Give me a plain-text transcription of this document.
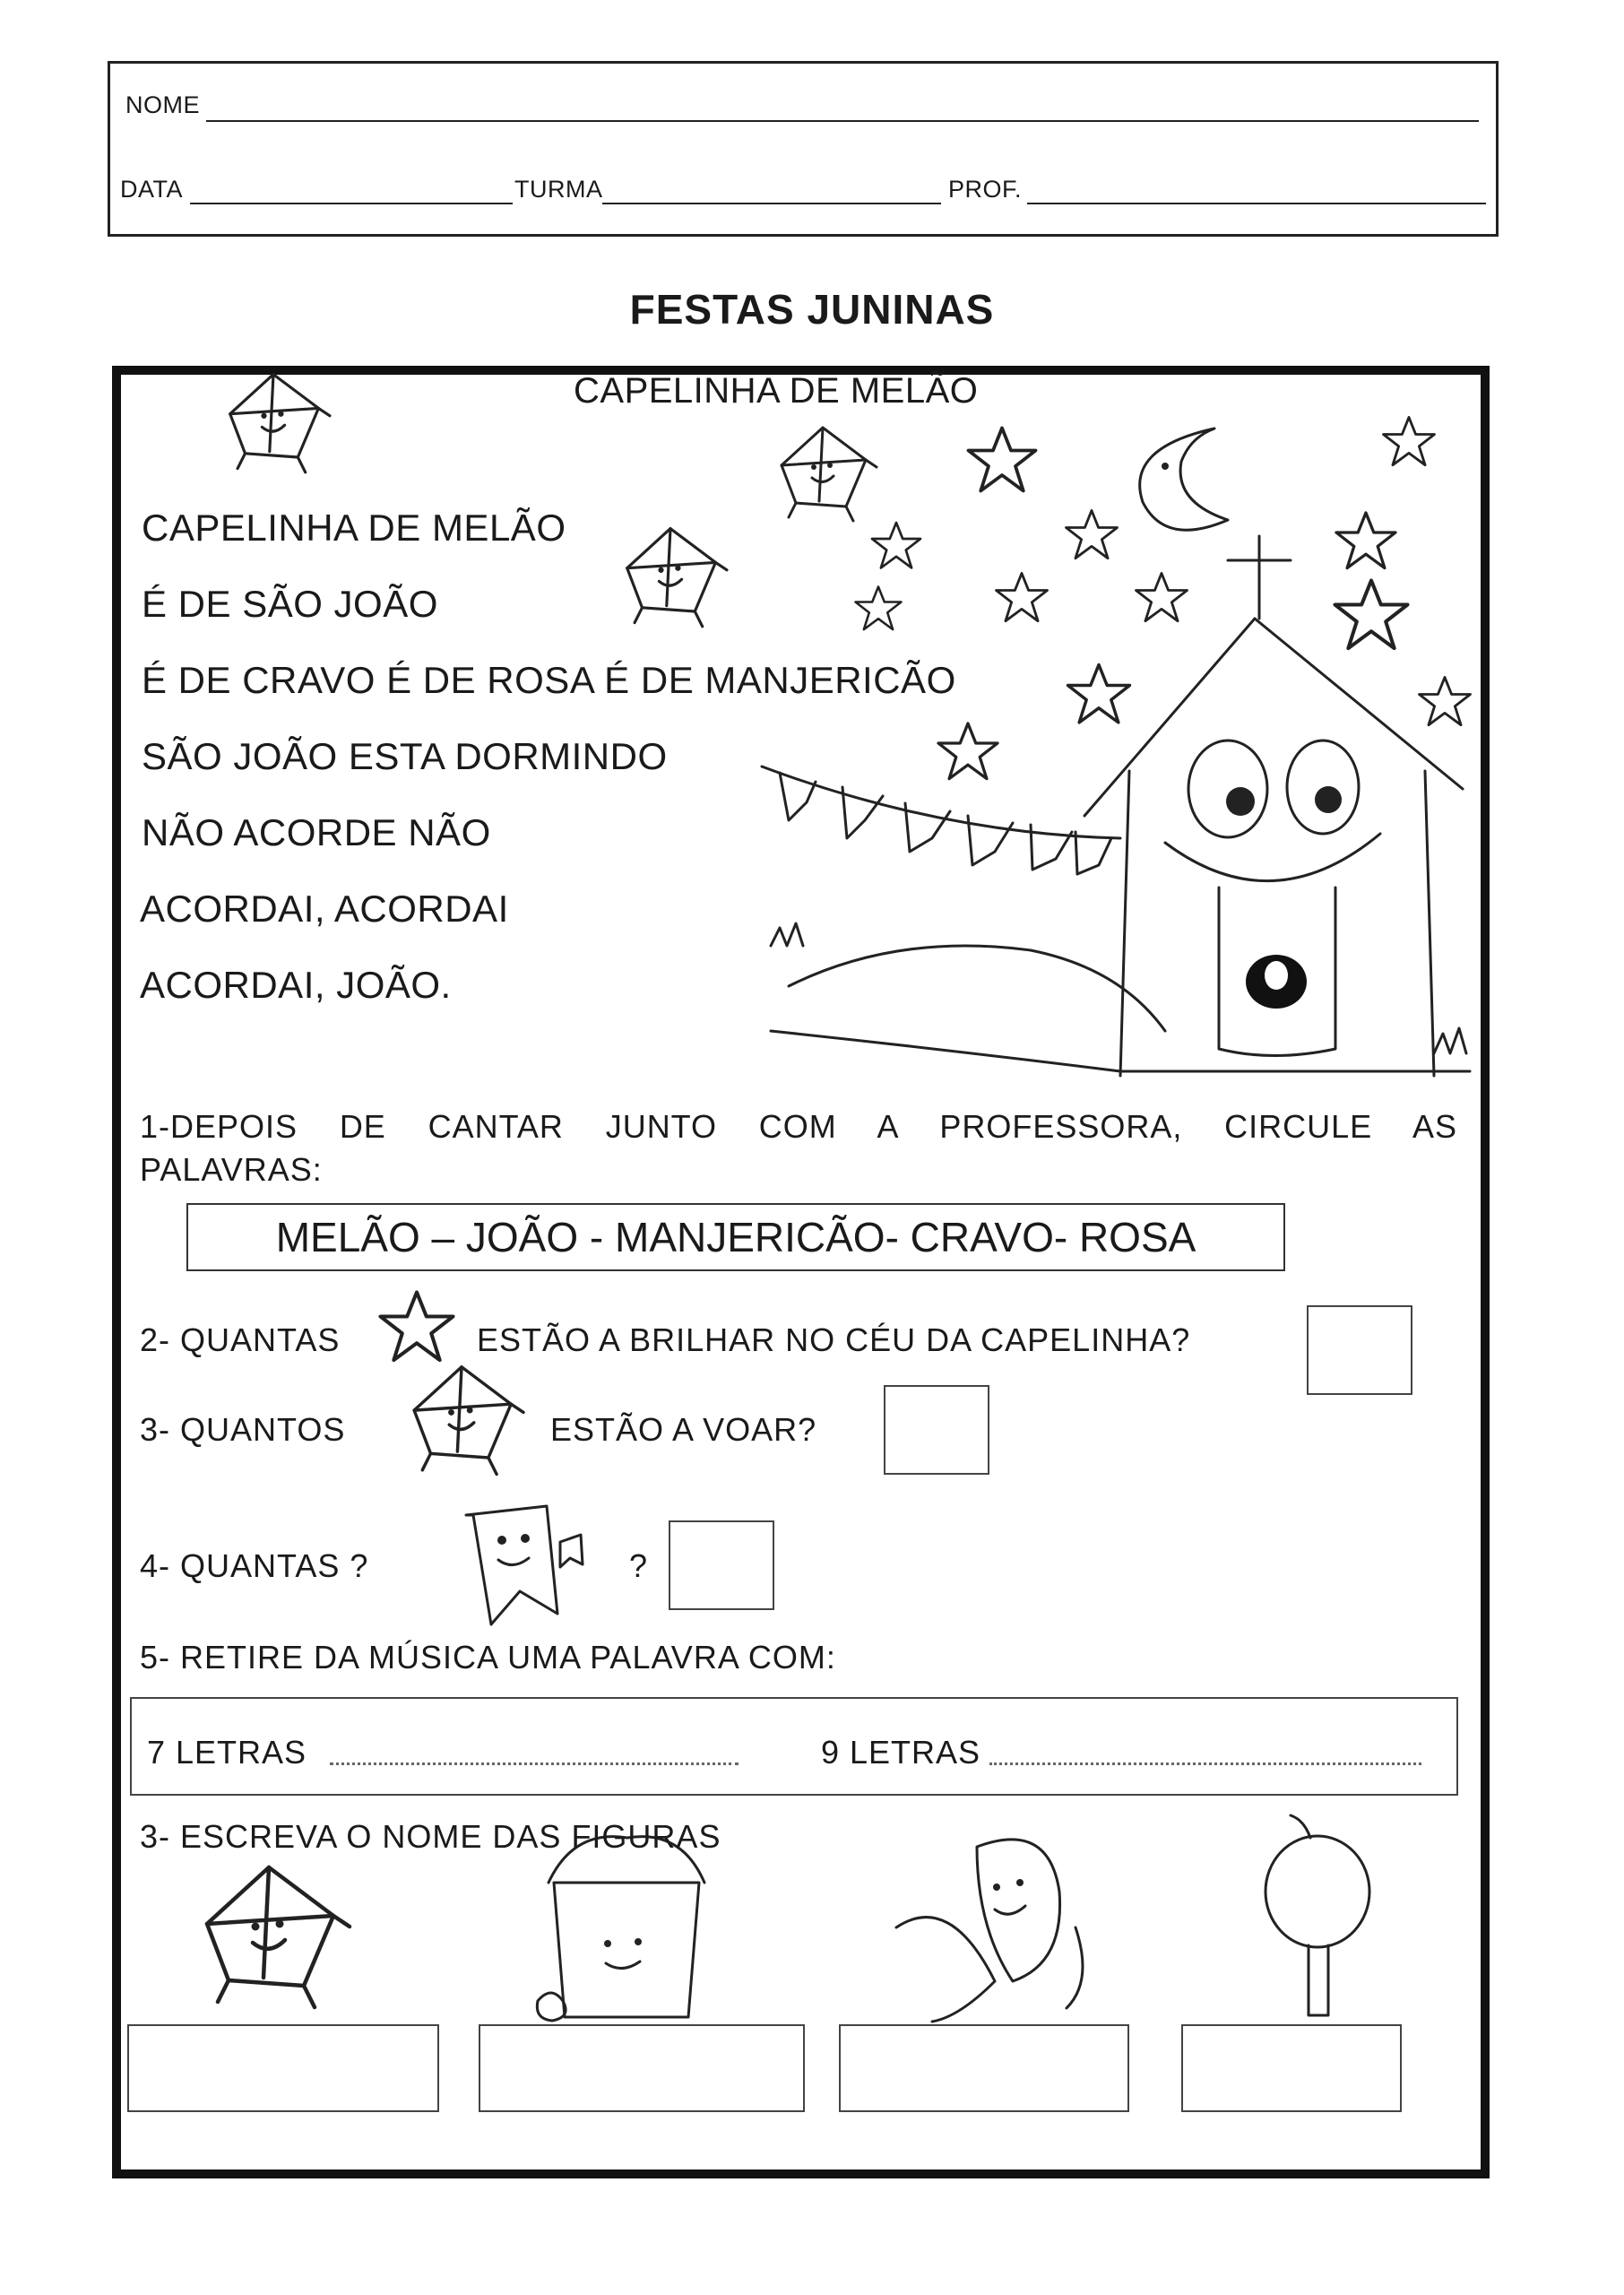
NOME
DATA	TURMA	PROF.
FESTAS JUNINAS
CAPELINHA DE MELÃO
CAPELINHA DE MELÃO
É DE SÃO JOÃO
É DE CRAVO É DE ROSA É DE MANJERICÃO
SÃO JOÃO ESTA DORMINDO
NÃO ACORDE NÃO
ACORDAI, ACORDAI
ACORDAI, JOÃO.
1-DEPOIS DE CANTAR JUNTO COM A PROFESSORA, CIRCULE AS
PALAVRAS:
MELÃO – JOÃO - MANJERICÃO- CRAVO- ROSA
2- QUANTAS	ESTÃO A BRILHAR NO CÉU DA CAPELINHA?
3- QUANTOS	ESTÃO A VOAR?
4- QUANTAS ?	?
5- RETIRE DA MÚSICA UMA PALAVRA COM:
7 LETRAS	9 LETRAS
3- ESCREVA O NOME DAS FIGURAS
